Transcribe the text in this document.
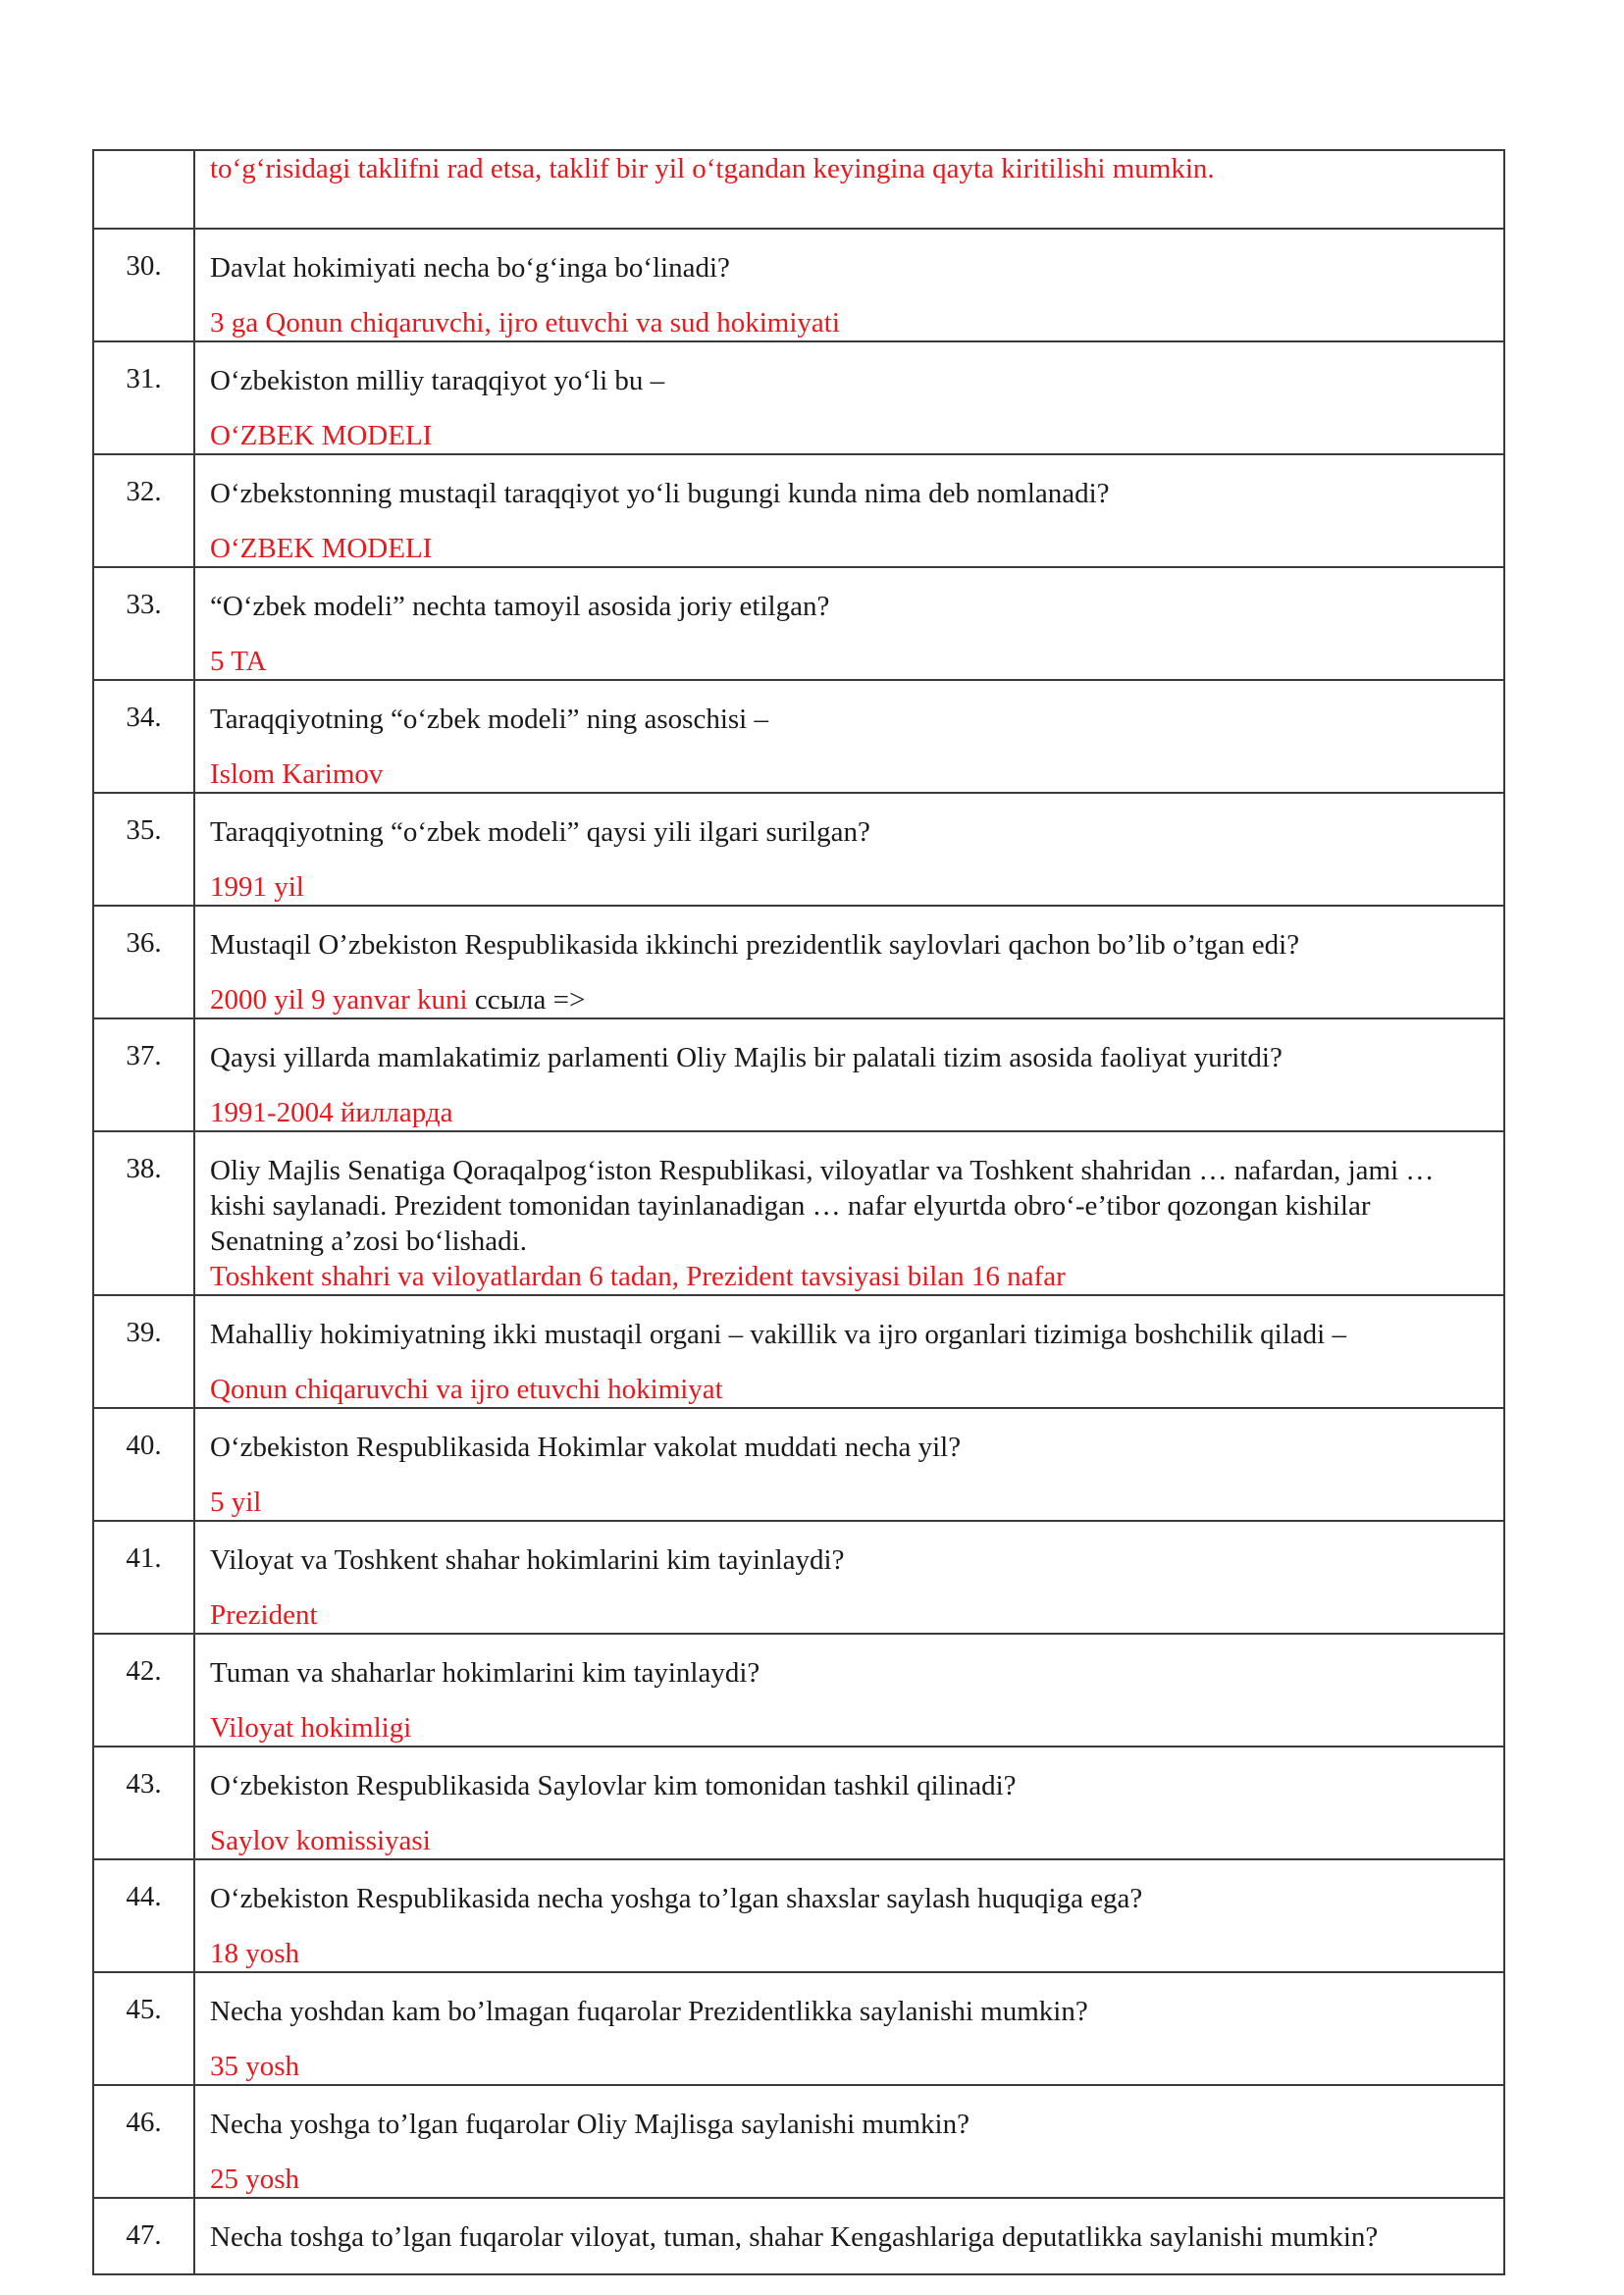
	to‘g‘risidagi taklifni rad etsa, taklif bir yil o‘tgandan keyingina qayta kiritilishi mumkin.

30.	Davlat hokimiyati necha bo‘g‘inga bo‘linadi?
3 ga Qonun chiqaruvchi, ijro etuvchi va sud hokimiyati

31.	O‘zbekiston milliy taraqqiyot yo‘li bu –
O‘ZBEK MODELI

32.	O‘zbekstonning mustaqil taraqqiyot yo‘li bugungi kunda nima deb nomlanadi?
O‘ZBEK MODELI

33.	“O‘zbek modeli” nechta tamoyil asosida joriy etilgan?
5 TA

34.	Taraqqiyotning “o‘zbek modeli” ning asoschisi –
Islom Karimov

35.	Taraqqiyotning “o‘zbek modeli” qaysi yili ilgari surilgan?
1991 yil

36.	Mustaqil O’zbekiston Respublikasida ikkinchi prezidentlik saylovlari qachon bo’lib o’tgan edi?
2000 yil 9 yanvar kuni ссыла =>

37.	Qaysi yillarda mamlakatimiz parlamenti Oliy Majlis bir palatali tizim asosida faoliyat yuritdi?
1991-2004 йилларда

38.	Oliy Majlis Senatiga Qoraqalpog‘iston Respublikasi, viloyatlar va Toshkent shahridan … nafardan, jami … kishi saylanadi. Prezident tomonidan tayinlanadigan … nafar elyurtda obro‘-e’tibor qozongan kishilar Senatning a’zosi bo‘lishadi.
Toshkent shahri va viloyatlardan 6 tadan, Prezident tavsiyasi bilan 16 nafar

39.	Mahalliy hokimiyatning ikki mustaqil organi – vakillik va ijro organlari tizimiga boshchilik qiladi –
Qonun chiqaruvchi va ijro etuvchi hokimiyat

40.	O‘zbekiston Respublikasida Hokimlar vakolat muddati necha yil?
5 yil

41.	Viloyat va Toshkent shahar hokimlarini kim tayinlaydi?
Prezident

42.	Tuman va shaharlar hokimlarini kim tayinlaydi?
Viloyat hokimligi

43.	O‘zbekiston Respublikasida Saylovlar kim tomonidan tashkil qilinadi?
Saylov komissiyasi

44.	O‘zbekiston Respublikasida necha yoshga to’lgan shaxslar saylash huquqiga ega?
18 yosh

45.	Necha yoshdan kam bo’lmagan fuqarolar Prezidentlikka saylanishi mumkin?
35 yosh

46.	Necha yoshga to’lgan fuqarolar Oliy Majlisga saylanishi mumkin?
25 yosh

47.	Necha toshga to’lgan fuqarolar viloyat, tuman, shahar Kengashlariga deputatlikka saylanishi mumkin?
